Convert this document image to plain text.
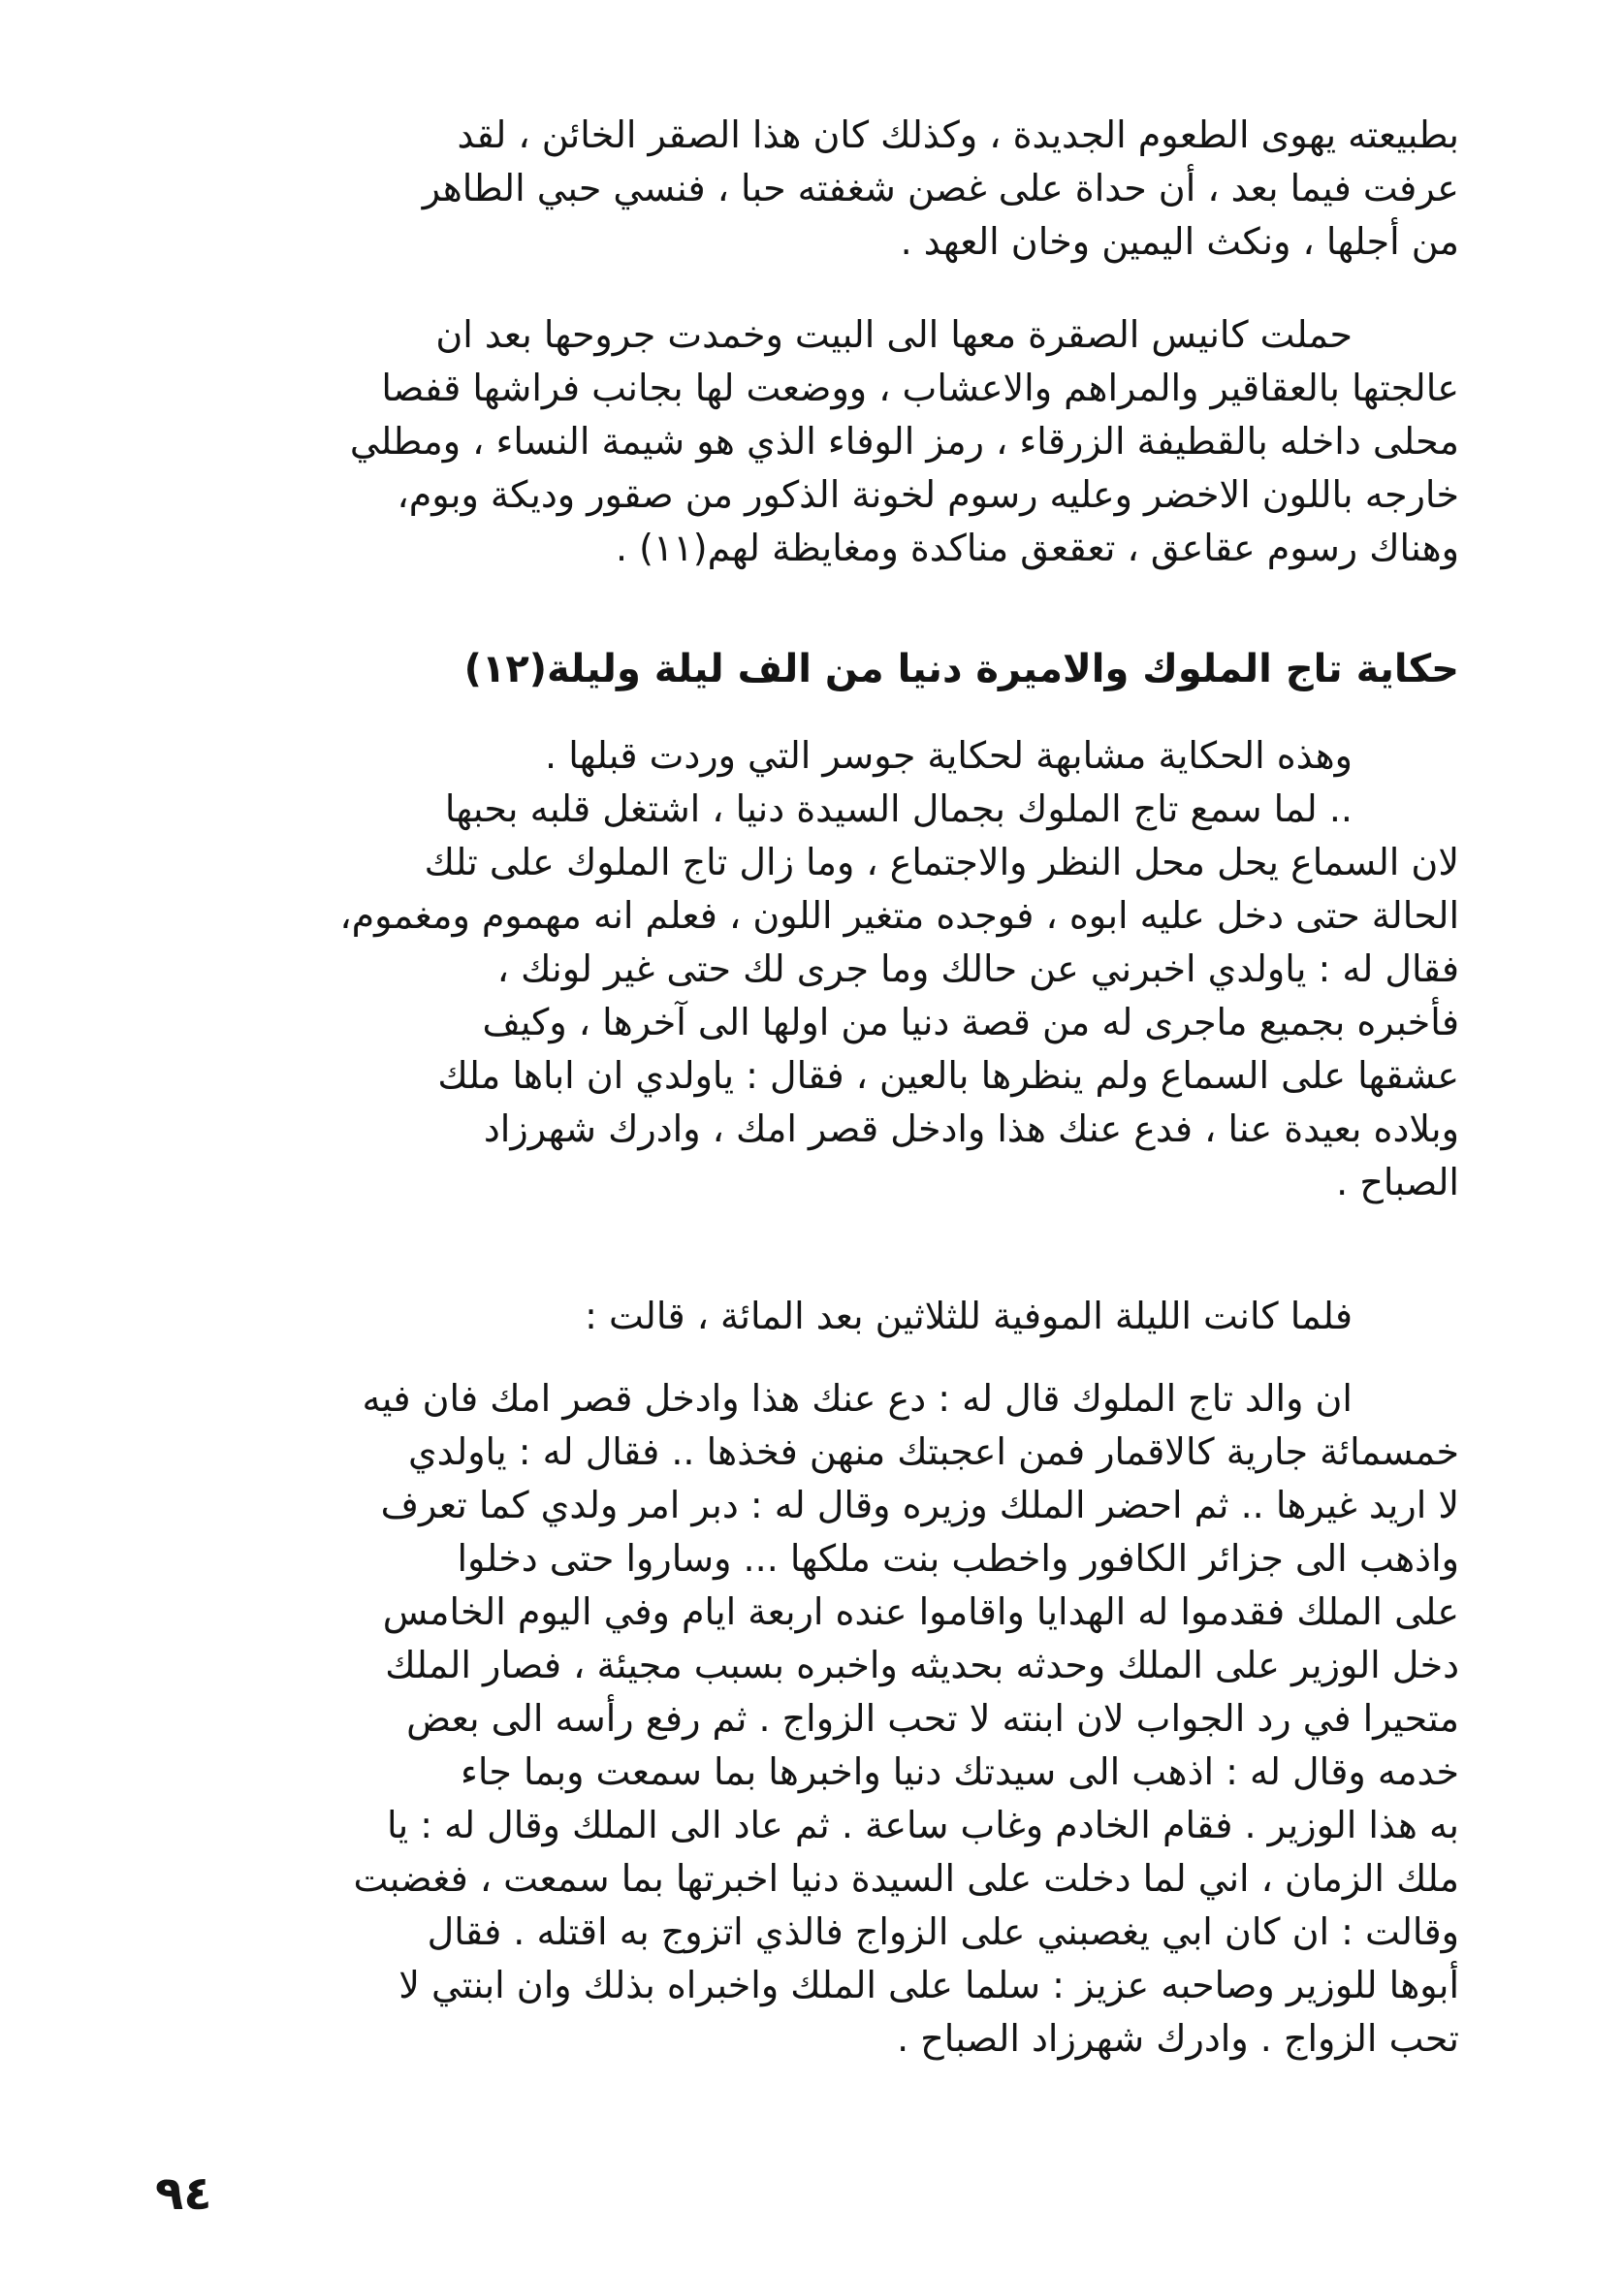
بطبيعته يهوى الطعوم الجديدة ، وكذلك كان هذا الصقر الخائن ، لقد
عرفت فيما بعد ، أن حداة على غصن شغفته حبا ، فنسي حبي الطاهر
من أجلها ، ونكث اليمين وخان العهد .

حملت كانيس الصقرة معها الى البيت وخمدت جروحها بعد ان
عالجتها بالعقاقير والمراهم والاعشاب ، ووضعت لها بجانب فراشها قفصا
محلى داخله بالقطيفة الزرقاء ، رمز الوفاء الذي هو شيمة النساء ، ومطلي
خارجه باللون الاخضر وعليه رسوم لخونة الذكور من صقور وديكة وبوم،
وهناك رسوم عقاعق ، تعقعق مناكدة ومغايظة لهم(١١) .

حكاية تاج الملوك والاميرة دنيا من الف ليلة وليلة(١٢)

وهذه الحكاية مشابهة لحكاية جوسر التي وردت قبلها .
.. لما سمع تاج الملوك بجمال السيدة دنيا ، اشتغل قلبه بحبها
لان السماع يحل محل النظر والاجتماع ، وما زال تاج الملوك على تلك
الحالة حتى دخل عليه ابوه ، فوجده متغير اللون ، فعلم انه مهموم ومغموم،
فقال له : ياولدي اخبرني عن حالك وما جرى لك حتى غير لونك ،
فأخبره بجميع ماجرى له من قصة دنيا من اولها الى آخرها ، وكيف
عشقها على السماع ولم ينظرها بالعين ، فقال : ياولدي ان اباها ملك
وبلاده بعيدة عنا ، فدع عنك هذا وادخل قصر امك ، وادرك شهرزاد
الصباح .

فلما كانت الليلة الموفية للثلاثين بعد المائة ، قالت :

ان والد تاج الملوك قال له : دع عنك هذا وادخل قصر امك فان فيه
خمسمائة جارية كالاقمار فمن اعجبتك منهن فخذها .. فقال له : ياولدي
لا اريد غيرها .. ثم احضر الملك وزيره وقال له : دبر امر ولدي كما تعرف
واذهب الى جزائر الكافور واخطب بنت ملكها ... وساروا حتى دخلوا
على الملك فقدموا له الهدايا واقاموا عنده اربعة ايام وفي اليوم الخامس
دخل الوزير على الملك وحدثه بحديثه واخبره بسبب مجيئة ، فصار الملك
متحيرا في رد الجواب لان ابنته لا تحب الزواج . ثم رفع رأسه الى بعض
خدمه وقال له : اذهب الى سيدتك دنيا واخبرها بما سمعت وبما جاء
به هذا الوزير . فقام الخادم وغاب ساعة . ثم عاد الى الملك وقال له : يا
ملك الزمان ، اني لما دخلت على السيدة دنيا اخبرتها بما سمعت ، فغضبت
وقالت : ان كان ابي يغصبني على الزواج فالذي اتزوج به اقتله . فقال
أبوها للوزير وصاحبه عزيز : سلما على الملك واخبراه بذلك وان ابنتي لا
تحب الزواج . وادرك شهرزاد الصباح .

٩٤
